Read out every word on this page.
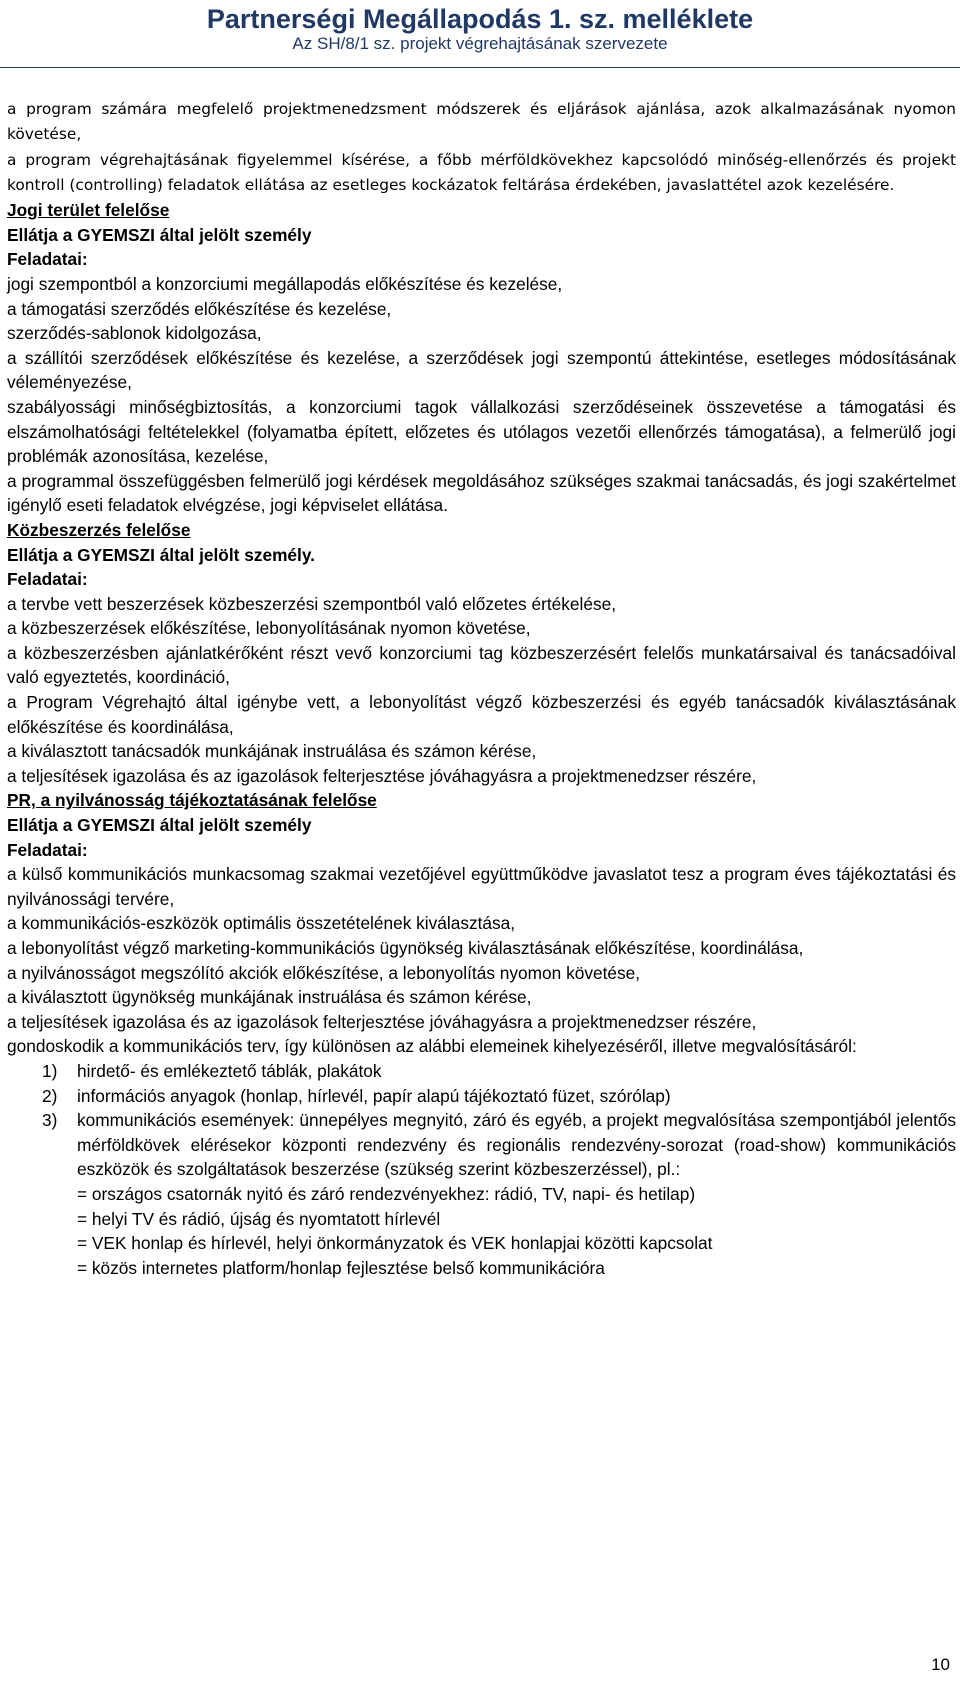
Partnerségi Megállapodás 1. sz. melléklete
Az SH/8/1 sz. projekt végrehajtásának szervezete

a program számára megfelelő projektmenedzsment módszerek és eljárások ajánlása, azok alkalmazásának nyomon követése,

a program végrehajtásának figyelemmel kísérése, a főbb mérföldkövekhez kapcsolódó minőség-ellenőrzés és projekt kontroll (controlling) feladatok ellátása az esetleges kockázatok feltárása érdekében, javaslattétel azok kezelésére.

Jogi terület felelőse

Ellátja a GYEMSZI által jelölt személy

Feladatai:

jogi szempontból a konzorciumi megállapodás előkészítése és kezelése,

a támogatási szerződés előkészítése és kezelése,

szerződés-sablonok kidolgozása,

a szállítói szerződések előkészítése és kezelése, a szerződések jogi szempontú áttekintése, esetleges módosításának véleményezése,

szabályossági minőségbiztosítás, a konzorciumi tagok vállalkozási szerződéseinek összevetése a támogatási és elszámolhatósági feltételekkel (folyamatba épített, előzetes és utólagos vezetői ellenőrzés támogatása), a felmerülő jogi problémák azonosítása, kezelése,

a programmal összefüggésben felmerülő jogi kérdések megoldásához szükséges szakmai tanácsadás, és jogi szakértelmet igénylő eseti feladatok elvégzése, jogi képviselet ellátása.

Közbeszerzés felelőse

Ellátja a GYEMSZI által jelölt személy.

Feladatai:

a tervbe vett beszerzések közbeszerzési szempontból való előzetes értékelése,

a közbeszerzések előkészítése, lebonyolításának nyomon követése,

a közbeszerzésben ajánlatkérőként részt vevő konzorciumi tag közbeszerzésért felelős munkatársaival és tanácsadóival való egyeztetés, koordináció,

a Program Végrehajtó által igénybe vett, a lebonyolítást végző közbeszerzési és egyéb tanácsadók kiválasztásának előkészítése és koordinálása,

a kiválasztott tanácsadók munkájának instruálása és számon kérése,

a teljesítések igazolása és az igazolások felterjesztése jóváhagyásra a projektmenedzser részére,

PR, a nyilvánosság tájékoztatásának felelőse

Ellátja a GYEMSZI által jelölt személy

Feladatai:

a külső kommunikációs munkacsomag szakmai vezetőjével együttműködve javaslatot tesz a program éves tájékoztatási és nyilvánossági tervére,

a kommunikációs-eszközök optimális összetételének kiválasztása,

a lebonyolítást végző marketing-kommunikációs ügynökség kiválasztásának előkészítése, koordinálása,

a nyilvánosságot megszólító akciók előkészítése, a lebonyolítás nyomon követése,

a kiválasztott ügynökség munkájának instruálása és számon kérése,

a teljesítések igazolása és az igazolások felterjesztése jóváhagyásra a projektmenedzser részére,

gondoskodik a kommunikációs terv, így különösen az alábbi elemeinek kihelyezéséről, illetve megvalósításáról:

1) hirdető- és emlékeztető táblák, plakátok
2) információs anyagok (honlap, hírlevél, papír alapú tájékoztató füzet, szórólap)
3) kommunikációs események: ünnepélyes megnyitó, záró és egyéb, a projekt megvalósítása szempontjából jelentős mérföldkövek elérésekor központi rendezvény és regionális rendezvény-sorozat (road-show) kommunikációs eszközök és szolgáltatások beszerzése (szükség szerint közbeszerzéssel), pl.:

= országos csatornák nyitó és záró rendezvényekhez: rádió, TV, napi- és hetilap)

= helyi TV és rádió, újság és nyomtatott hírlevél

= VEK honlap és hírlevél, helyi önkormányzatok és VEK honlapjai közötti kapcsolat

= közös internetes platform/honlap fejlesztése belső kommunikációra

10
